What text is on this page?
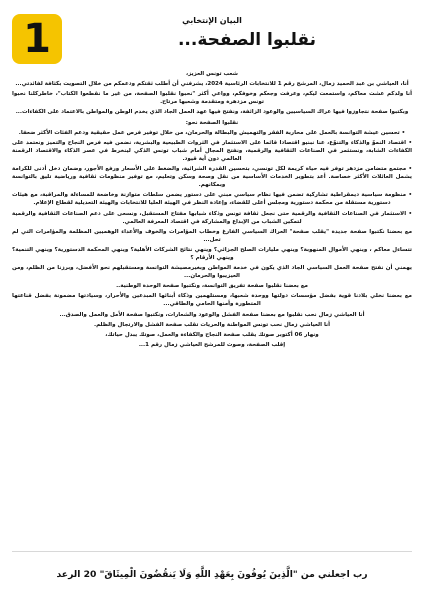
1	البيان الإنتخابي
نقلبوا الصفحة...

شعب تونس العزيز،

أنا، العياشي بن عبد الحميد زمال، المرشح رقم 1 للانتخابات الرئاسية 2024، يشرفني أن أطلب ثقتكم ودعمكم من خلال التصويت بكثافة لفائدتي...

أنا ولدكم عشت معاكم، واستمعت ليكم، وعرفت وجعكم وخوفكم، وواعي أكثر "نحبوا نقلبوا الصفحة، من غير ما نقطعوا الكتاب"، خاطركلنا نحبوا تونس مزدهرة ومتقدمة وشعبها مرتاح.

وبكتبوا صفحة نتجاوزوا فيها عراك السياسيين والوعود الزائفة، ونفتح فيها عهد العمل الجاد الذي يخدم الوطن والمواطن بالاعتماد على الكفاءات...

نقلبوا الصفحة نحو:

• تحسين عيشة التوانسة بالعمل على محاربة الفقر والتهميش والبطالة والحرمان، من خلال توفير فرص عمل حقيقية ودعم الفئات الأكثر ضعفا.

• اقتصاد النموّ والذكاء والتنوّع، عنا نبنيو اقتصادا قائما على الاستثمار في الثروات الطبيعية والبشرية، نضمن فيه فرص النجاح والتميز ونعتمد على الكفاءات الشابة، ونستثمر في الصناعات الثقافية والرقمية، ونفتح المجال أمام شباب تونس الذكي لينخرط في عصر الذكاء والاقتصاد الرقمنة العالمي دون أية قيود.

• مجتمع متضامن مزدهر توفر فيه حياة كريمة لكل تونسي، بتحسين القدرة الشرائية، والضغط على الأسعار ورفع الأجور، وضمان دخل أدنى للكرامة يشمل العائلات الأكثر خصاصة. أعد بتطوير الخدمات الأساسية من نقل وصحة وسكن وتعليم، مع توفير منظومات ثقافية ورياضية تليق بالتوانسة وبمكانهم.

• منظومة سياسية ديمقراطية تشاركية تضمن فيها نظام سياسي مبني على دستور يضمن سلطات متوازنة وخاضعة للمساءلة والمراقبة، مع هيئات دستورية مستقلة من محكمة دستورية ومجلس أعلى للقضاء، وإعادة النظر في الهيئة العليا للانتخابات والهيئة التعديلية لقطاع الإعلام.

• الاستثمار في الصناعات الثقافية والرقمية حتى نجعل ثقافة تونس وذكاء شبابها مفتاح المستقبل، ونسعى على دعم الصناعات الثقافية والرقمية لتمكين الشباب من الإبداع والمشاركة في اقتصاد المعرفة العالمي.

مع بعضنا نكتبوا صفحة جديدة "يقلب صفحة" العراك السياسي الفارغ وخطاب المؤامرات والخوف والأعداء الوهميين المظلمة والمؤامرات التي لم تحل...

تتساءل معاكم ، وينهي الأموال المنهوبة؟ وينهي مليارات الصلح الجزائي؟ وينهي نتائج الشركات الأهلية؟ وينهي المحكمة الدستورية؟ وينهي التنمية؟ وينهي الأرقام ؟

يهمني أن نفتح صفحة العمل السياسي الجاد الذي يكون في خدمة المواطن وبغيرمصيشة التوانسة ومستقبلهم نحو الأفضل، وبرزنا من الظلم، ومن العيزيبوا والحرمان...

مع بعضنا نقلبوا صفحة تفريق التوانسة، ونكتبوا صفحة الوحدة الوطنية..

مع بعضنا نخلي بلادنا قوية بفضل مؤسسات دولتها ووحدة شعبها، ومستلهمين وذكاء أبنائها المبدعين والأحرار، وسيادتها مضمونة بفضل قناعتها المتطورة وأمنها الحامي والطاقي...

أنا العياشي زمال نحب نقلبوا مع بعضنا صفحة الفشل والوعود والشعارات، ونكتبوا صفحة الأمل والعمل والصدق...

أنا العياشي زمال نحب تونس المواطنة والحريات تقلب صفحة الفشل والارتجال والظلم.

ونهار 06 أكتوبر صوتك يقلب صفحة النجاح والكفاءة والعمل، صوتك يبدل حياتك،

إقلب الصفحة، وصوت للمرشح العياشي زمال رقم 1...

رب اجعلني من "الَّذِينَ يُوفُونَ بِعَهْدِ اللَّهِ وَلَا يَنقُضُونَ الْمِيثَاقَ" 20 الرعد
